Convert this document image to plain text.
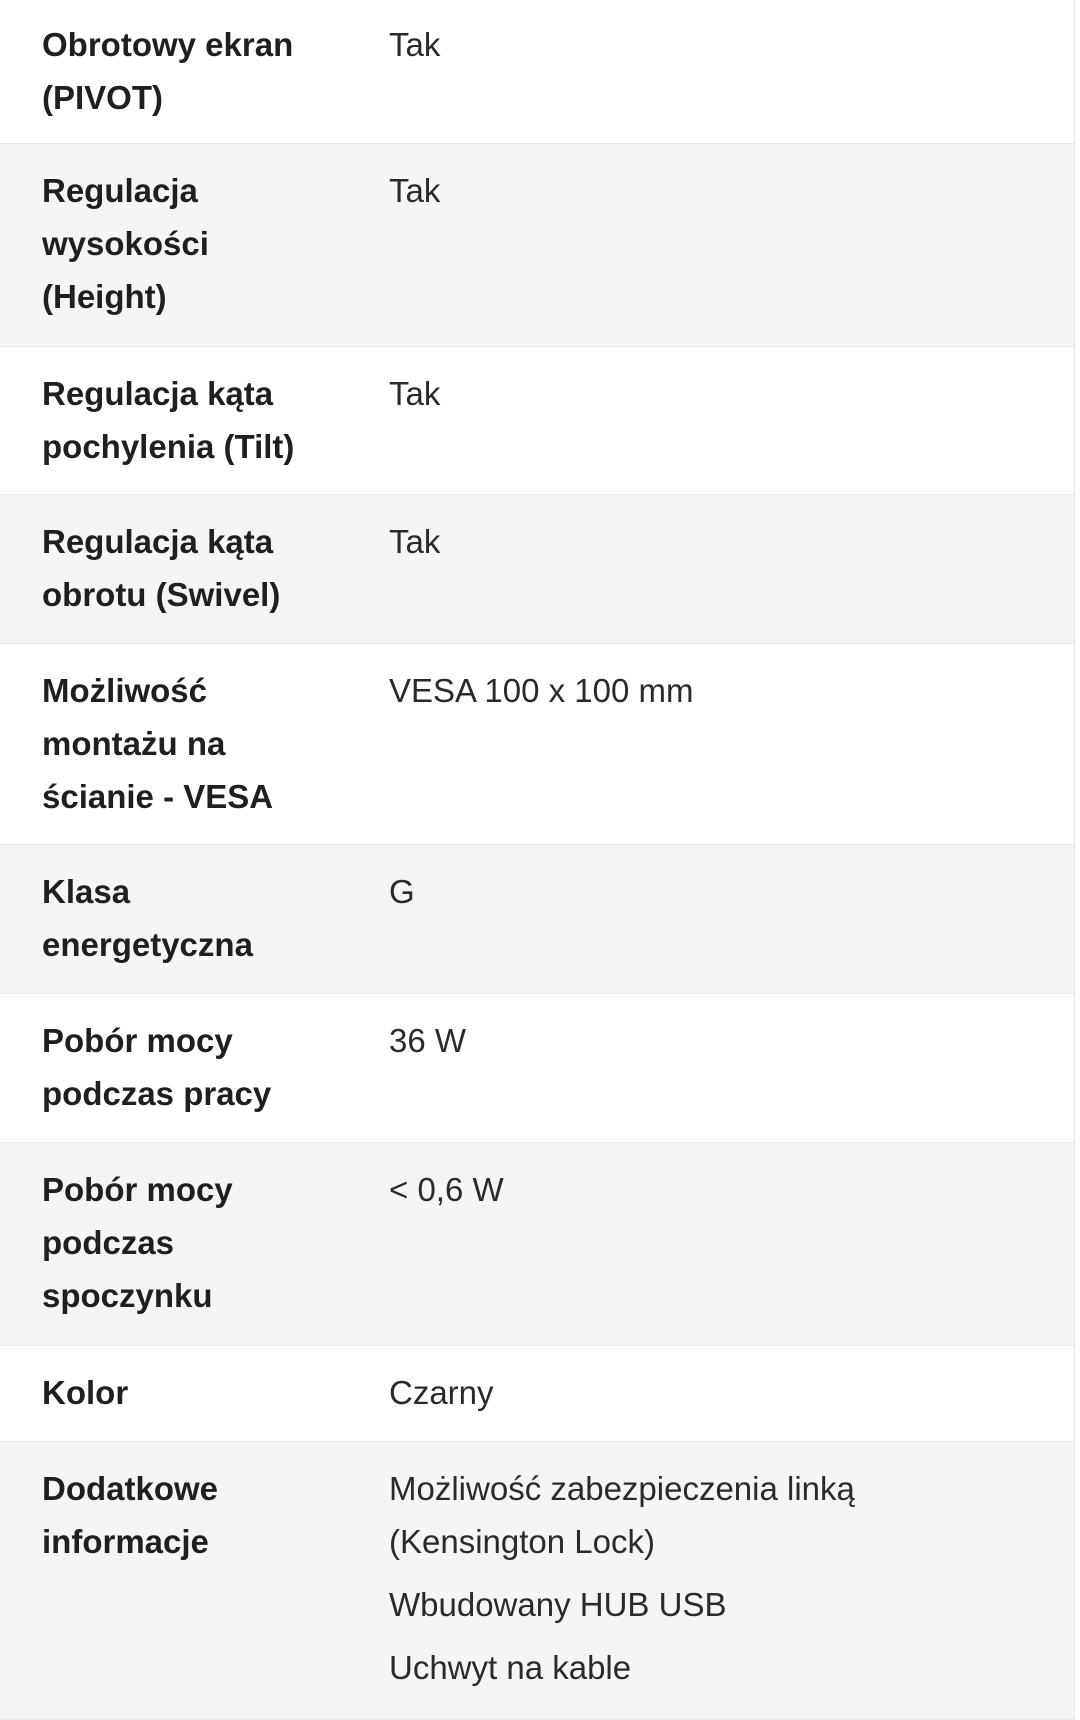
Obrotowy ekran
(PIVOT)
Tak
Regulacja
wysokości
(Height)
Tak
Regulacja kąta
pochylenia (Tilt)
Tak
Regulacja kąta
obrotu (Swivel)
Tak
Możliwość
montażu na
ścianie - VESA
VESA 100 x 100 mm
Klasa
energetyczna
G
Pobór mocy
podczas pracy
36 W
Pobór mocy
podczas
spoczynku
< 0,6 W
Kolor	Czarny
Dodatkowe
informacje
Możliwość zabezpieczenia linką
(Kensington Lock)
Wbudowany HUB USB
Uchwyt na kable
